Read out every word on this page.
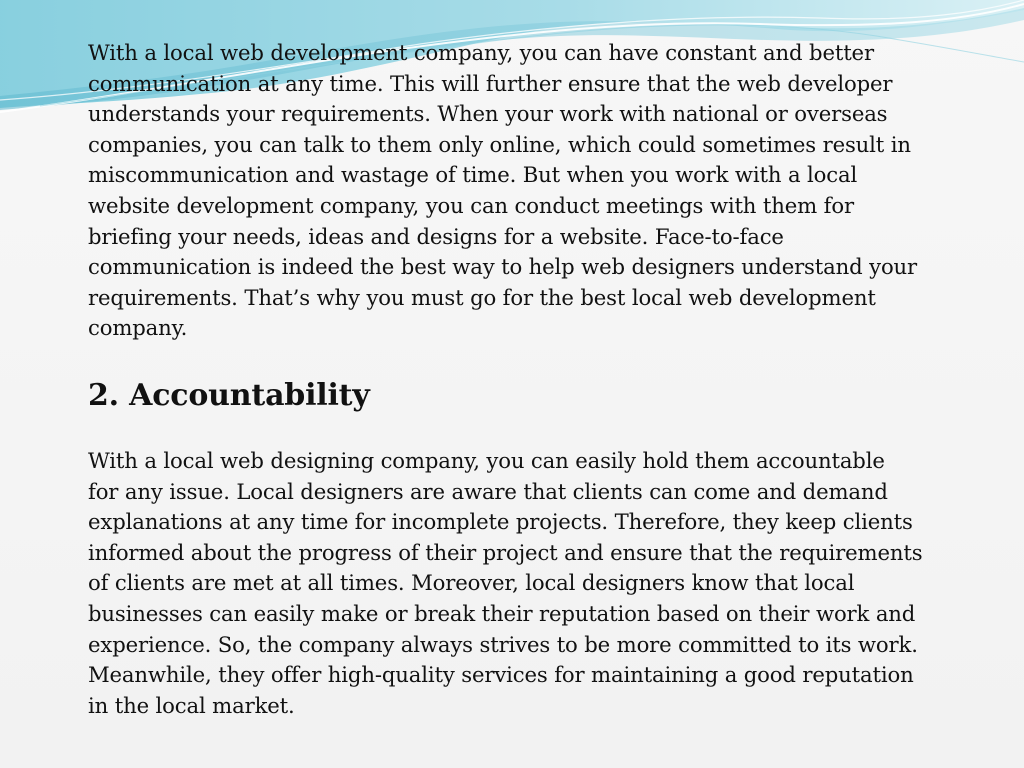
With a local web development company, you can have constant and better
communication at any time. This will further ensure that the web developer
understands your requirements. When your work with national or overseas
companies, you can talk to them only online, which could sometimes result in
miscommunication and wastage of time. But when you work with a local
website development company, you can conduct meetings with them for
briefing your needs, ideas and designs for a website. Face-to-face
communication is indeed the best way to help web designers understand your
requirements. That’s why you must go for the best local web development
company.

2. Accountability

With a local web designing company, you can easily hold them accountable
for any issue. Local designers are aware that clients can come and demand
explanations at any time for incomplete projects. Therefore, they keep clients
informed about the progress of their project and ensure that the requirements
of clients are met at all times. Moreover, local designers know that local
businesses can easily make or break their reputation based on their work and
experience. So, the company always strives to be more committed to its work.
Meanwhile, they offer high-quality services for maintaining a good reputation
in the local market.
